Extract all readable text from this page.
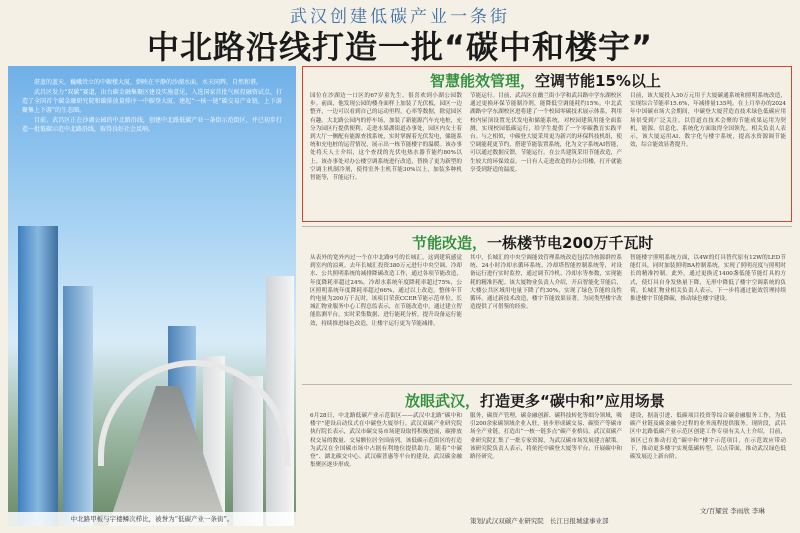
武汉创建低碳产业一条街
中北路沿线打造一批“碳中和楼宇”

湛蓝的蓝天，巍峨耸立的中銀楼大厦，倒映在平静的沙湖水面，水天同辉，自然和谐。

武昌区发力“双碳”赛道，出台碳金融集聚区建设实施意见，入选国家首批气候投融资试点，打造了全国首个碳金融研究院和碳排放量排序一中碳登大厦，建起“一核一链”碳交易产业链，上下游聚集上下游”的生态圈。

目前，武昌区正在沙湖公园的中北路沿线，创建中北路低碳产业一条街示范街区，并已初步打造一批低碳示范中北路沿线，取得良好社会反响。

中北路甲板与宇楼鳞次栉比，被誉为“低碳产业一条街”。
智慧能效管理，空调节能15%以上
园位在沙湖边一口区的67岁童先生，很喜欢到小湖公园散步。前面，他发现公园的楼身面样上加装了光伏板，园区一边整齐，一边可以看到自己的运动里程，心率等数据，除觉园区有趣。大北路公园内的停车场，加装了新能源汽车充电桩，充分为园区行提供便利。走进水果湖街道办事处，园区内女士着到大厅一侧配有能源查找系统，实时掌握着光伏发电，储能系统和充电桩的运营情况，展示出一栋节能楼宇的温暖。该办事处将天人士介绍，这个查找的光伏电热水器节能约80%以上。该办事处对办公楼空调系统进行改造，替换了更为新型的空调主机制冷剂，使得室外主机节能30%以上，加装多种机智能等，节能运行。
节能运行。目前，武昌区在幽兰街小学和武昌路中学东湖校区通过更换环保节能制冷剂，能降低空调能耗约15%。中北武湖路中学东湖校区进将建了一个校园零碳技术展示体系，利用校内屋顶设置光伏发电和储能系统，对校园建筑用能全面监测，实现校园低碳运行，给学生提供了一个零碳教育实践平台。与之相似，中碳登大厦采用更为新兴的环保科技机组，使空调能耗更节约，搭建节能装置系统，化为文字系统AI智能，可以通过数据反馈，节能运行。在公共建筑采用节能改造，产生较大的环保效益。一日有人走进改造的办公用楼，打开就能享受到舒适的温度。
目前，该大厦投入30万元用于大厦碳通系统和照明系统改造，实现综合节能率15.6%，年减排量135吨。在上月举办的2024年中国碳市场大会期间，中碳登大厦营造直技术绿色低碳应用场景受到广泛关注。以管道直技术会聚的节能成果运用为契机，能源、信息化、系统化方面取得全国领先。相关负责人表示，该大厦运用AI、数字化与楼宇系统，提高水资源调节能效，综合能效显著提升。
节能改造，一栋楼节电200万千瓦时
从表外的宽外内过一个在中北路9号的长城汇，这到建筑感觉到室内的凉爽。去年长城汇投资380万元进行中央空调、冷却水、公共照明系统的减排降碳改造工作，通过各项节能改造，年度降耗率超过24%，冷却水系统年度降耗率超过75%，公区照明系统年度降耗率超过66%，通过以上改造，整体年节约电量为200万千瓦时，该项目荣获CCER节能示范单位。长城汇物业服务中心工程总监表示，在节能改造中，通过建立智能监测平台，实时采集数据、进行能耗分析，提升设备运行能效，持续推进绿色改造，让楼宇运行更为节能减排。
其中，长城汇的中央空调能效管理系统改造包括冷热源群控系统、24小时冷却水循环系统、冷却塔智能控制系统等，对设备运行进行实时监控，通过调节冷机、冷却水等参数，实现能耗的精准匹配。该大厦物业负责人介绍，开启智能化节能后，大楼公共区域用电量下降了约30%，实现了绿色节能的良性循环。通过新技术改造，楼宇节能效果显著，为同类型楼宇改造提供了可借鉴的经验。
智能楼宇照明系统方面，以4W的灯具替代原有12W的LED节能灯具，同时加装照明BA控制系统，实现了照明亮度与照明时长的精准控制。此外，通过更换近1400盏低能节能灯具的方式，使灯具自身发热量下降，无形中降低了楼宇空调系统的负荷。长城汇物业相关负责人表示，下一步将通过能效管理持续推进楼宇节能降碳，推动绿色楼宇建设。
放眼武汉，打造更多“碳中和”应用场景
6月28日，中北路低碳产业示范街区——武汉中北路“碳中和楼宇”建设启动仪式在中碳登大厦举行。武汉双碳产业研究院执行院长表示，武汉市碳交易市场建设取得积极进展，碳排放权交易的数量、交易额位居全国前列，该低碳示范街区的打造为武汉在全国碳市场中占据有利地位提供助力。随着“中碳登”、湖北碳交中心、武汉碳普惠等平台的建设，武汉碳金融集聚区逐步形成。
服务，碳资产管理，碳金融创新、碳科技转化等细分领域，吸引200余家碳领域企业入驻，初步形成碳交易、碳资产等碳市场全产业链，打造出“一核一链多点”碳产业格局。武汉双碳产业研究院汇集了一批专家资源，为武汉碳市场发展建言献策。该研究院负责人表示，将依托中碳登大厦等平台，开展碳中和路径研究。
建设，据南引进、低碳项目投资等综合碳金融服务工作，为低碳产业链及碳金融全过程的业务流程提供服务。现阶段，武昌区中北路低碳产业示范区创建工作专项有关人士介绍，目前，该区已在推动打造“碳中和”楼宇示范项目，在示范效应带动下，推动更多楼宇实现低碳转型，以点带面，推动武汉绿色低碳发展迈上新台阶。
策划/武汉双碳产业研究院 长江日报城建事业部
文/百耀萱 李雨欣 李琳
